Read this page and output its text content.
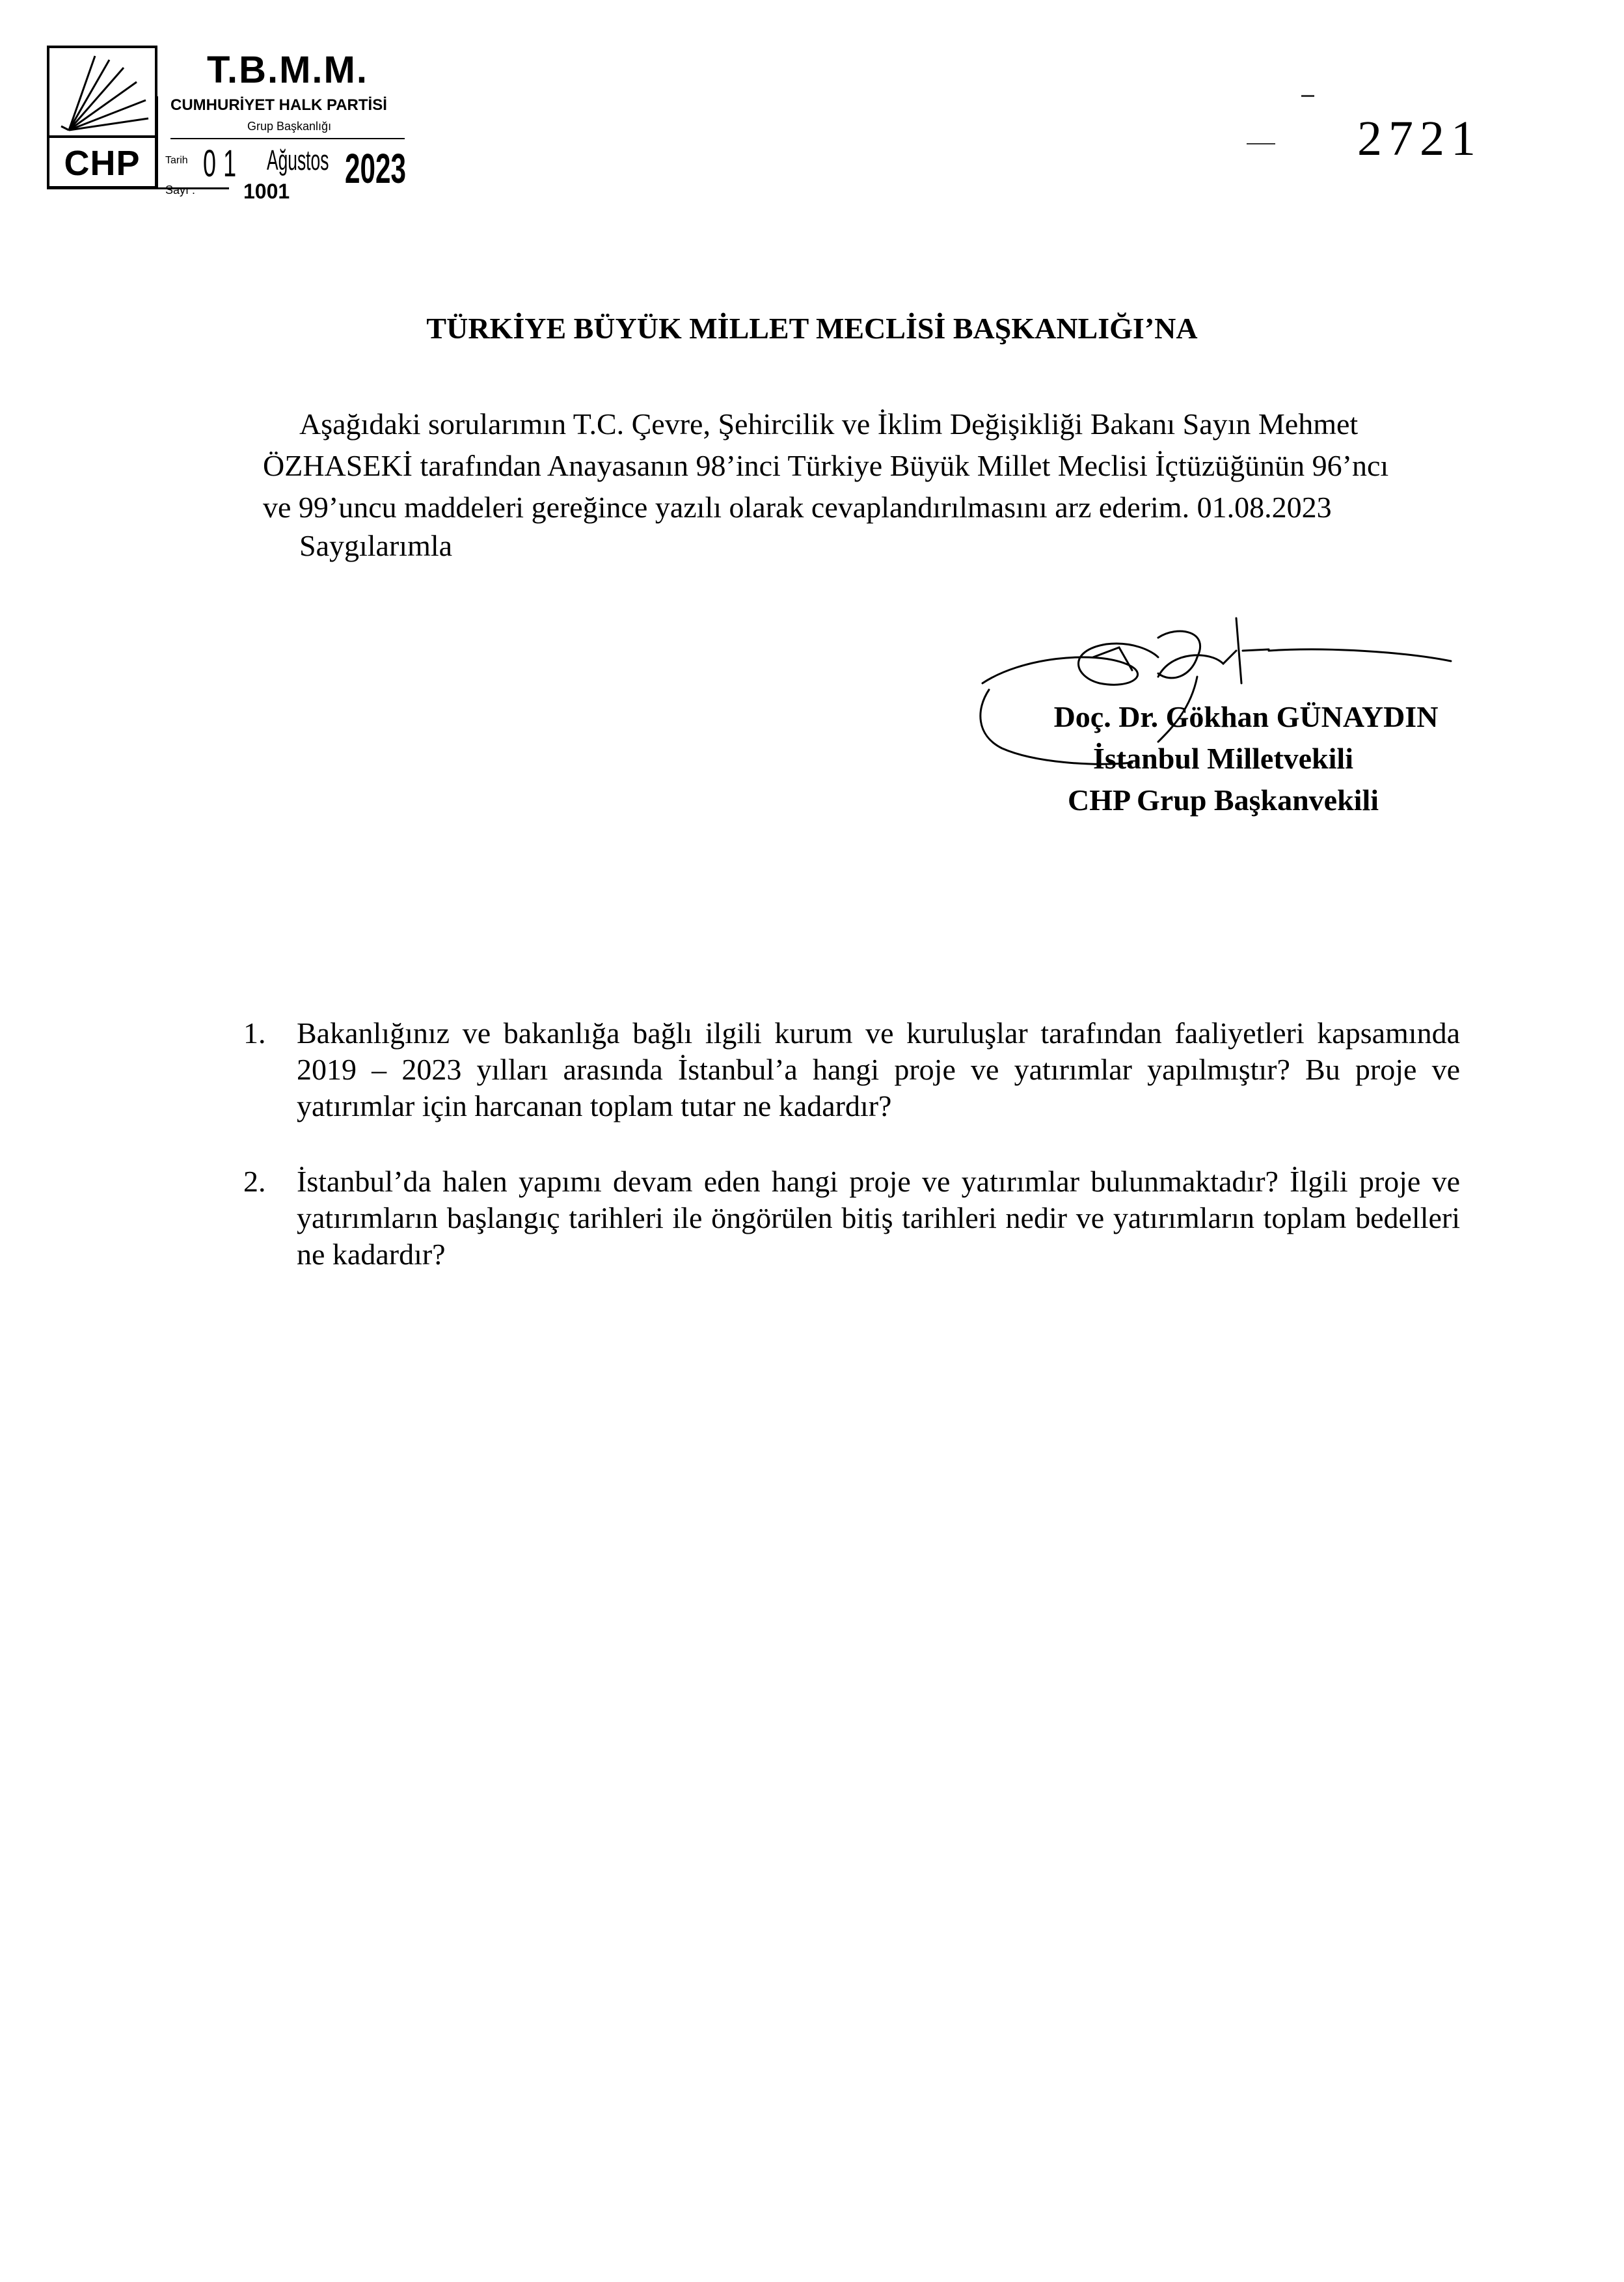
CHP
T.B.M.M.
CUMHURİYET HALK PARTİSİ
Grup Başkanlığı
Tarih 01 Ağustos 2023
Sayı : 1001
2721
TÜRKİYE BÜYÜK MİLLET MECLİSİ BAŞKANLIĞI’NA
Aşağıdaki sorularımın T.C. Çevre, Şehircilik ve İklim Değişikliği Bakanı Sayın Mehmet
ÖZHASEKİ tarafından Anayasanın 98’inci Türkiye Büyük Millet Meclisi İçtüzüğünün 96’ncı
ve 99’uncu maddeleri gereğince yazılı olarak cevaplandırılmasını arz ederim. 01.08.2023
Saygılarımla
Doç. Dr. Gökhan GÜNAYDIN
İstanbul Milletvekili
CHP Grup Başkanvekili
1.	Bakanlığınız ve bakanlığa bağlı ilgili kurum ve kuruluşlar tarafından faaliyetleri kapsamında 2019 – 2023 yılları arasında İstanbul’a hangi proje ve yatırımlar yapılmıştır? Bu proje ve yatırımlar için harcanan toplam tutar ne kadardır?
2.	İstanbul’da halen yapımı devam eden hangi proje ve yatırımlar bulunmaktadır? İlgili proje ve yatırımların başlangıç tarihleri ile öngörülen bitiş tarihleri nedir ve yatırımların toplam bedelleri ne kadardır?
